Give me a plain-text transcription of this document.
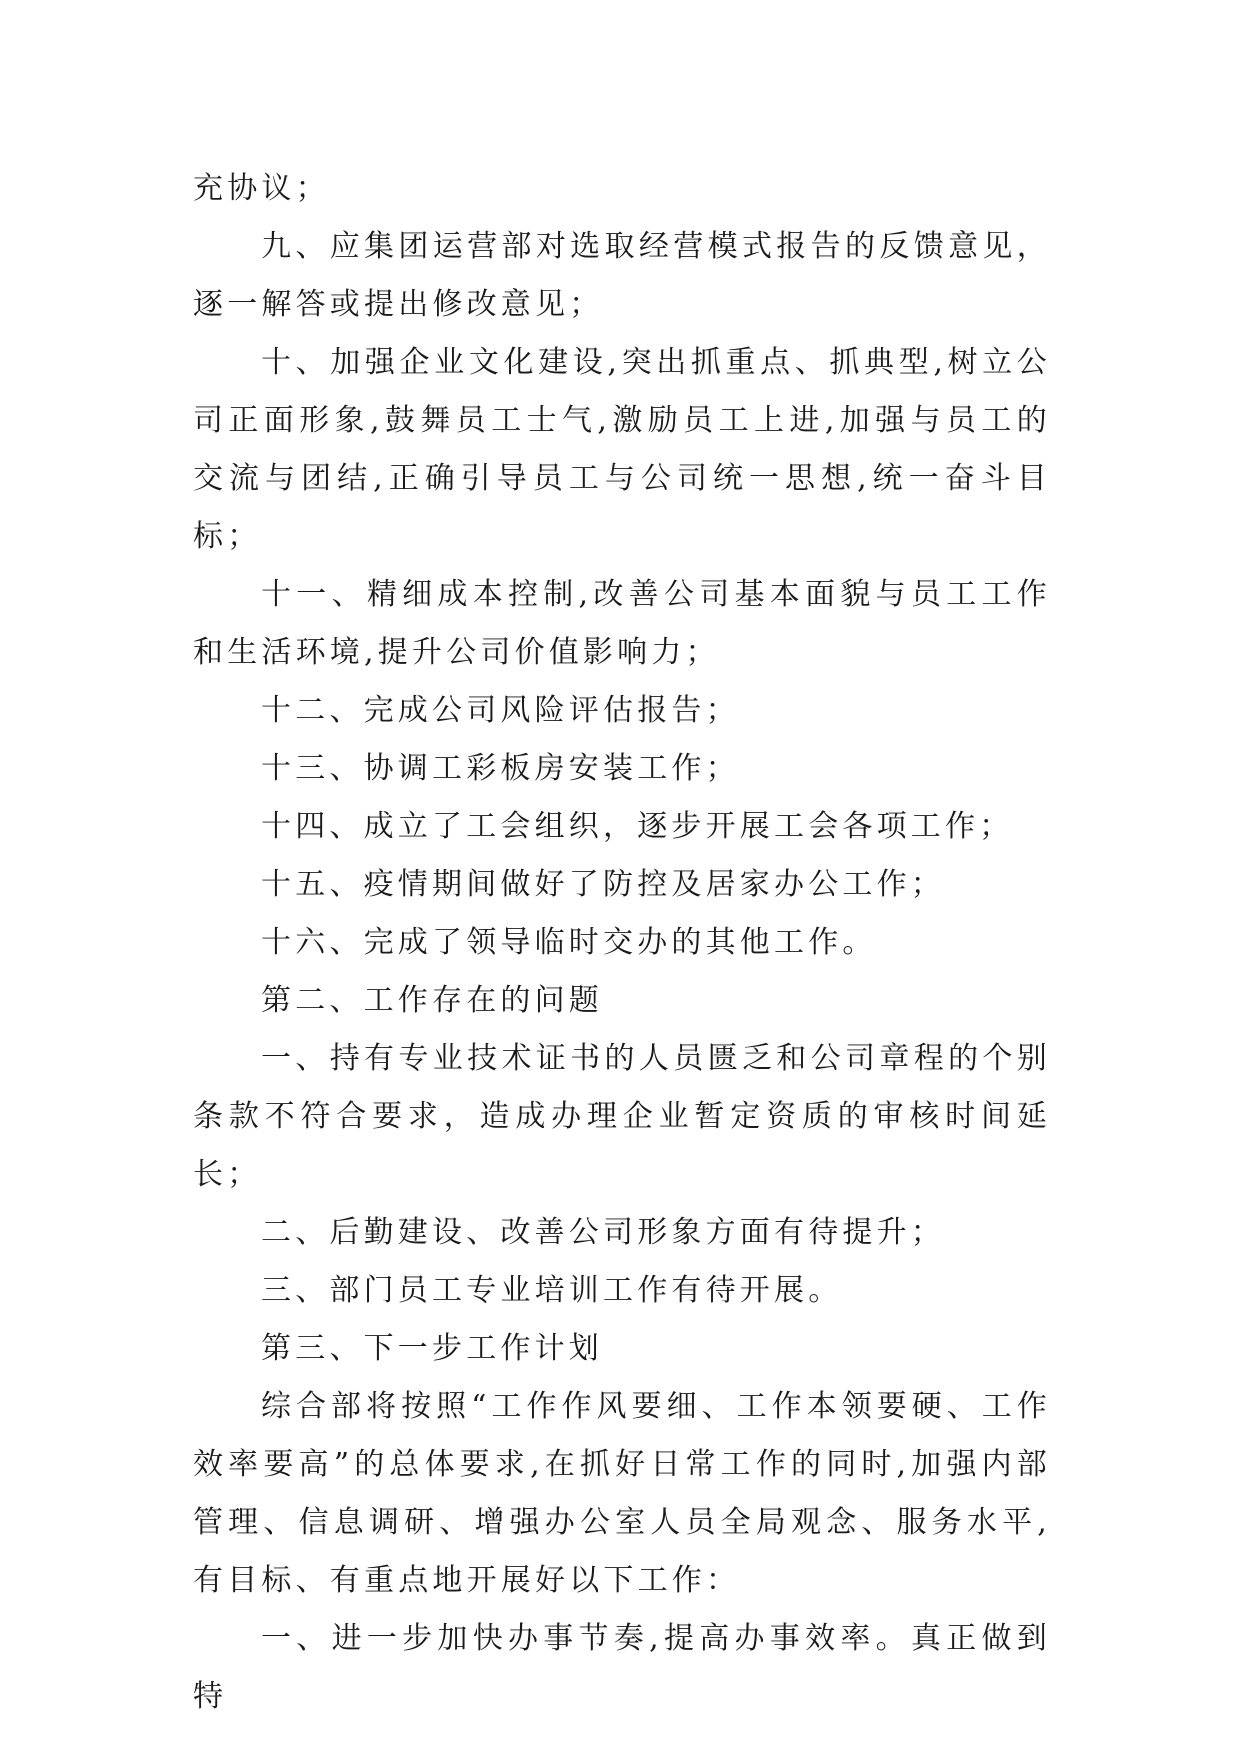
充协议；

九、应集团运营部对选取经营模式报告的反馈意见，逐一解答或提出修改意见；

十、加强企业文化建设,突出抓重点、抓典型,树立公司正面形象,鼓舞员工士气,激励员工上进,加强与员工的交流与团结,正确引导员工与公司统一思想,统一奋斗目标；

十一、精细成本控制,改善公司基本面貌与员工工作和生活环境,提升公司价值影响力；

十二、完成公司风险评估报告；

十三、协调工彩板房安装工作；

十四、成立了工会组织，逐步开展工会各项工作；

十五、疫情期间做好了防控及居家办公工作；

十六、完成了领导临时交办的其他工作。

第二、工作存在的问题

一、持有专业技术证书的人员匮乏和公司章程的个别条款不符合要求，造成办理企业暂定资质的审核时间延长；

二、后勤建设、改善公司形象方面有待提升；

三、部门员工专业培训工作有待开展。

第三、下一步工作计划

综合部将按照“工作作风要细、工作本领要硬、工作效率要高”的总体要求,在抓好日常工作的同时,加强内部管理、信息调研、增强办公室人员全局观念、服务水平,有目标、有重点地开展好以下工作：

一、进一步加快办事节奏,提高办事效率。真正做到特
